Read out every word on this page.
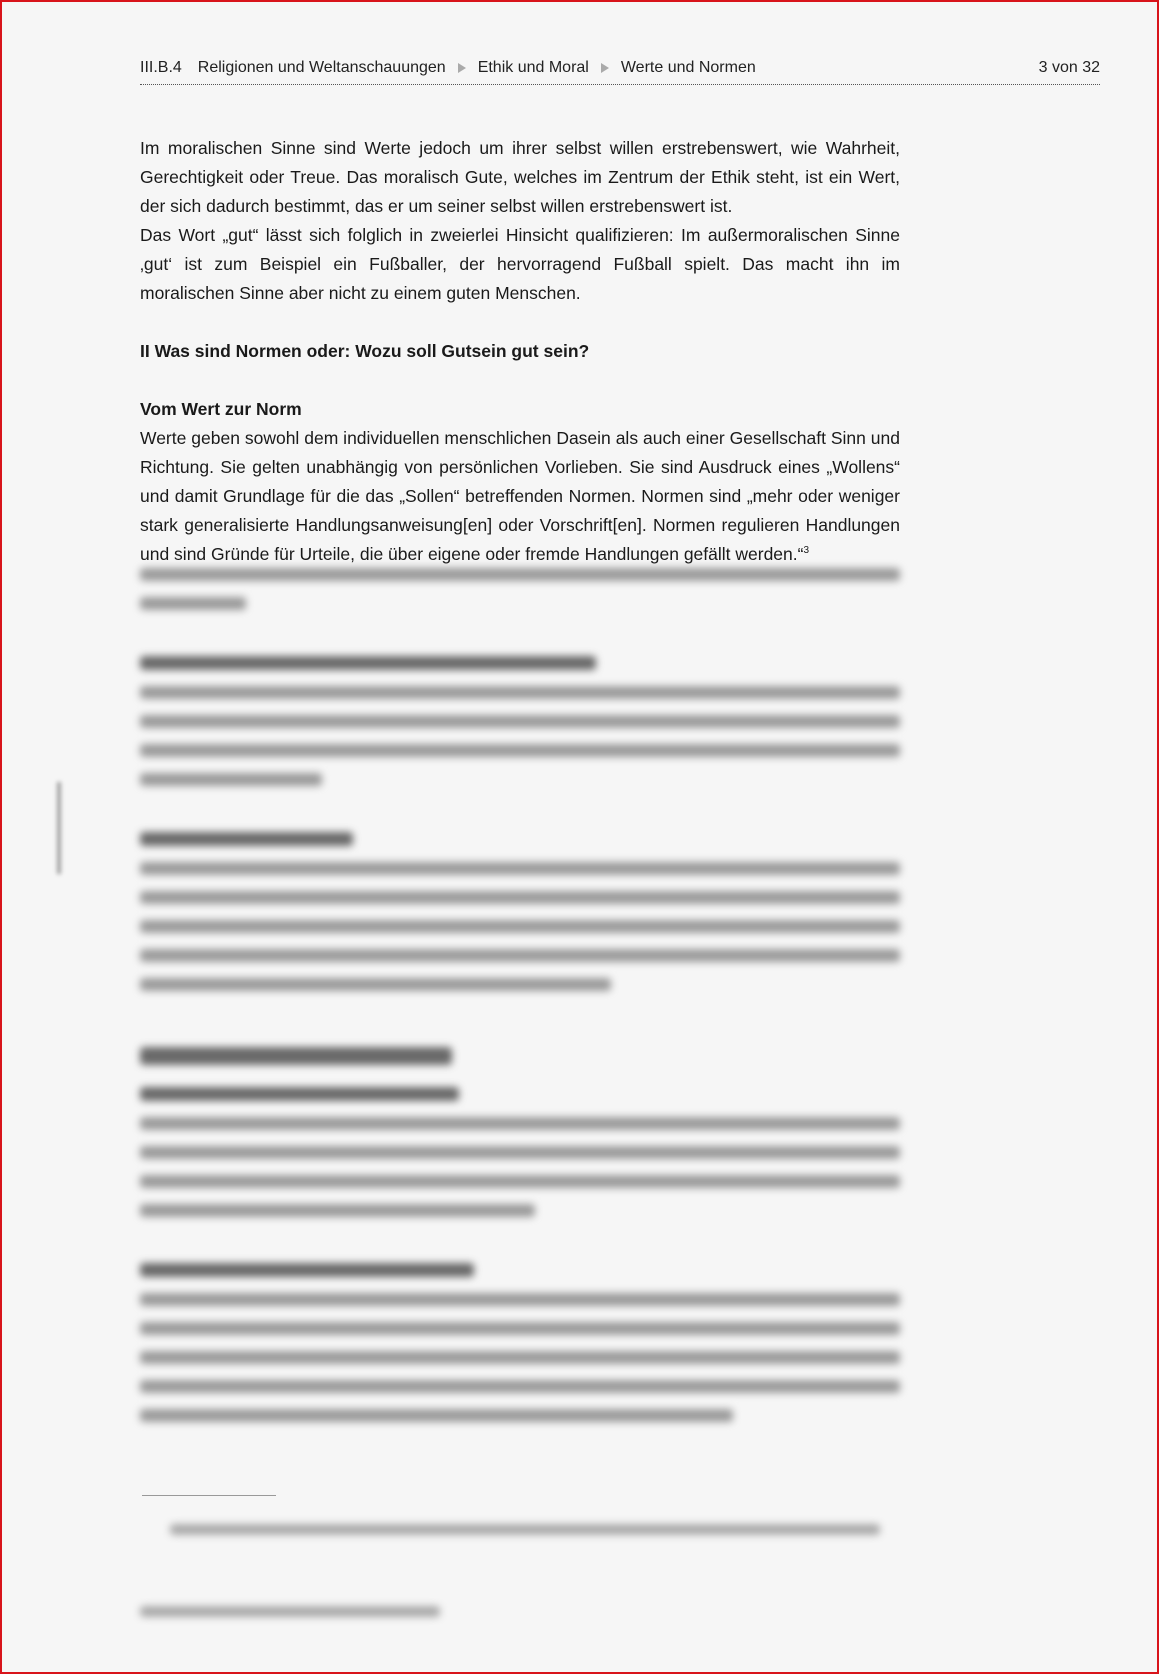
III.B.4 Religionen und Weltanschauungen Ethik und Moral Werte und Normen	3 von 32

Im moralischen Sinne sind Werte jedoch um ihrer selbst willen erstrebenswert, wie Wahrheit, Gerechtigkeit oder Treue. Das moralisch Gute, welches im Zentrum der Ethik steht, ist ein Wert, der sich dadurch bestimmt, das er um seiner selbst willen erstrebenswert ist.

Das Wort „gut“ lässt sich folglich in zweierlei Hinsicht qualifizieren: Im außermoralischen Sinne ‚gut‘ ist zum Beispiel ein Fußballer, der hervorragend Fußball spielt. Das macht ihn im moralischen Sinne aber nicht zu einem guten Menschen.

II Was sind Normen oder: Wozu soll Gutsein gut sein?

Vom Wert zur Norm

Werte geben sowohl dem individuellen menschlichen Dasein als auch einer Gesellschaft Sinn und Richtung. Sie gelten unabhängig von persönlichen Vorlieben. Sie sind Ausdruck eines „Wollens“ und damit Grundlage für die das „Sollen“ betreffenden Normen. Normen sind „mehr oder weniger stark generalisierte Handlungsanweisung[en] oder Vorschrift[en]. Normen regulieren Handlungen und sind Gründe für Urteile, die über eigene oder fremde Handlungen gefällt werden.“$^3$
